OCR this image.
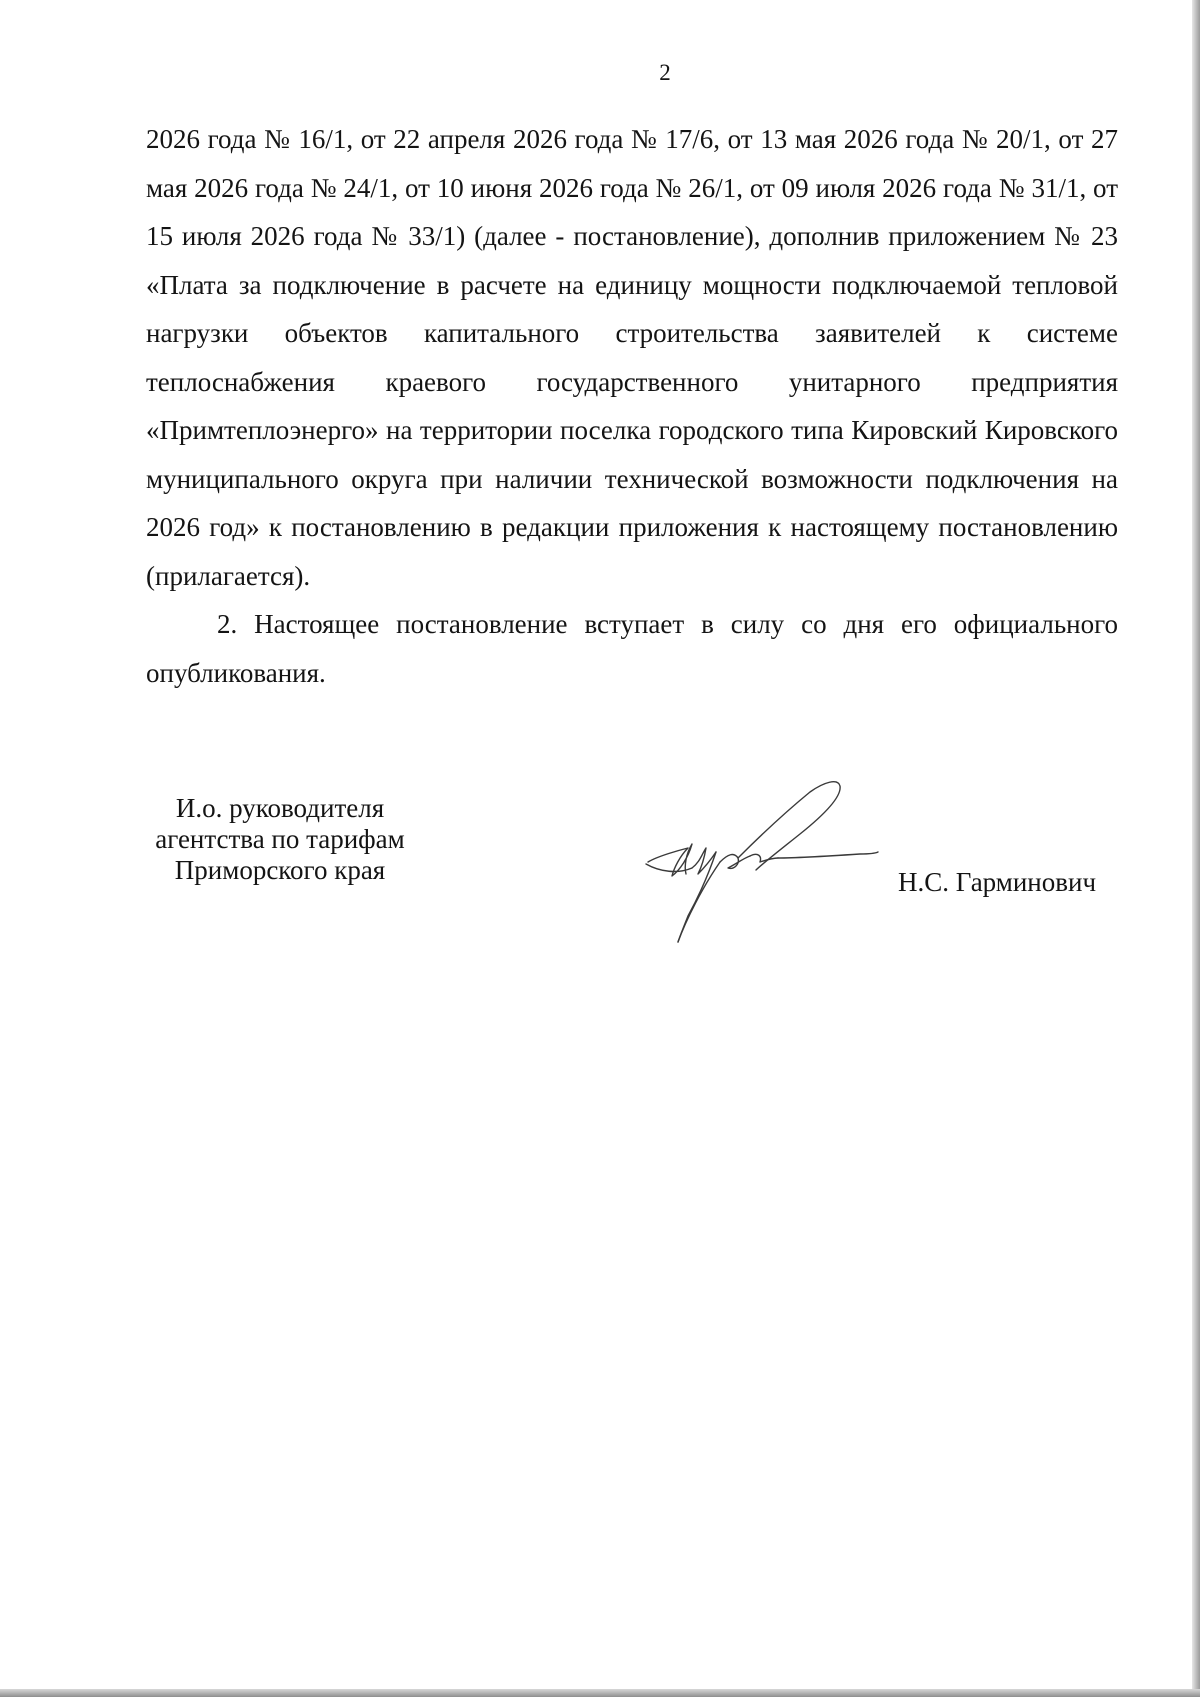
2

2026 года № 16/1, от 22 апреля 2026 года № 17/6, от 13 мая 2026 года № 20/1, от 27 мая 2026 года № 24/1, от 10 июня 2026 года № 26/1, от 09 июля 2026 года № 31/1, от 15 июля 2026 года № 33/1) (далее - постановление), дополнив приложением № 23 «Плата за подключение в расчете на единицу мощности подключаемой тепловой нагрузки объектов капитального строительства заявителей к системе теплоснабжения краевого государственного унитарного предприятия «Примтеплоэнерго» на территории поселка городского типа Кировский Кировского муниципального округа при наличии технической возможности подключения на 2026 год» к постановлению в редакции приложения к настоящему постановлению (прилагается).

2. Настоящее постановление вступает в силу со дня его официального опубликования.

И.о. руководителя
агентства по тарифам
Приморского края	Н.С. Гарминович
